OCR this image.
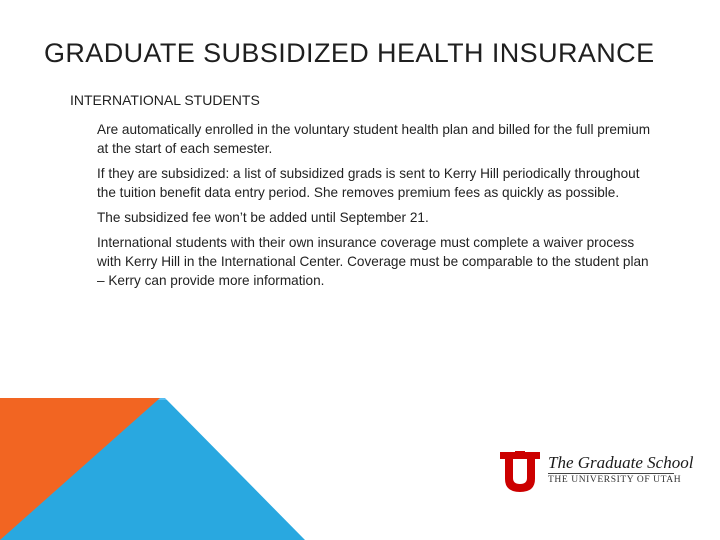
GRADUATE SUBSIDIZED HEALTH INSURANCE
INTERNATIONAL STUDENTS

Are automatically enrolled in the voluntary student health plan and billed for the full premium at the start of each semester.

If they are subsidized: a list of subsidized grads is sent to Kerry Hill periodically throughout the tuition benefit data entry period. She removes premium fees as quickly as possible.

The subsidized fee won’t be added until September 21.

International students with their own insurance coverage must complete a waiver process with Kerry Hill in the International Center. Coverage must be comparable to the student plan – Kerry can provide more information.

The Graduate School
THE UNIVERSITY OF UTAH
